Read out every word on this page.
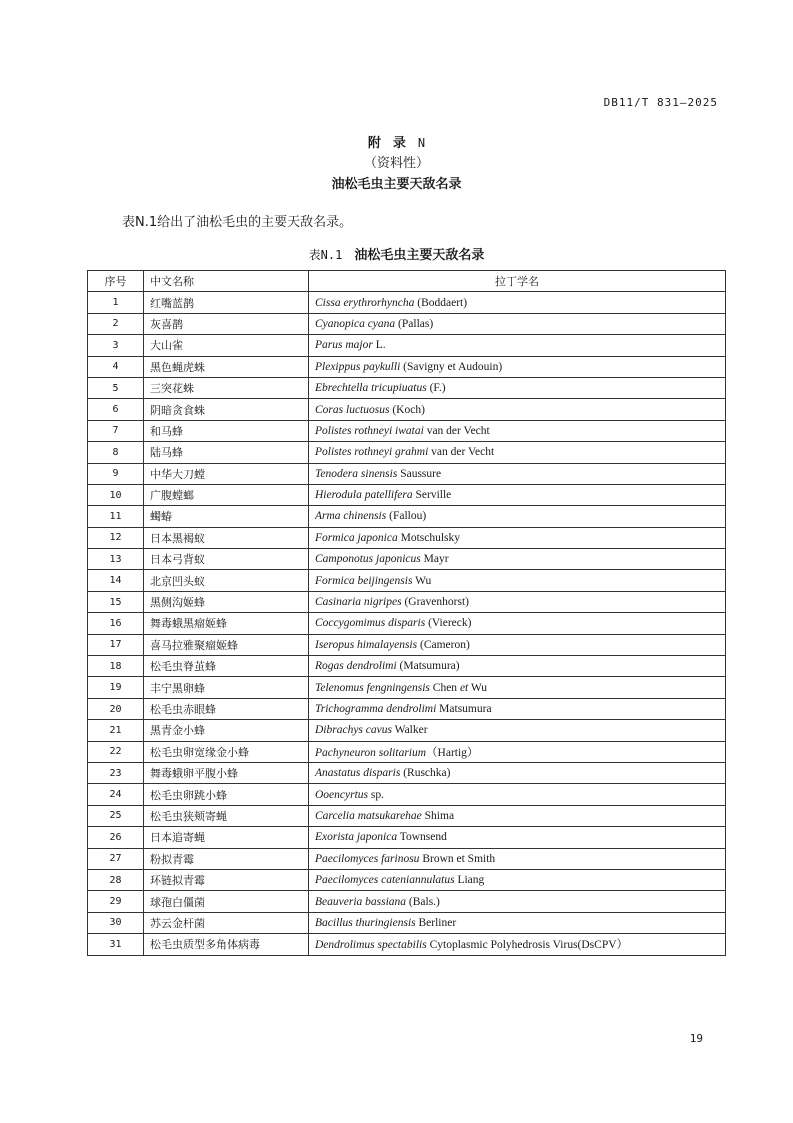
DB11/T 831—2025
附录N
（资料性）
油松毛虫主要天敌名录
表N.1给出了油松毛虫的主要天敌名录。
表N.1 油松毛虫主要天敌名录
序号	中文名称	拉丁学名
1	红嘴蓝鹊	Cissa erythrorhyncha (Boddaert)
2	灰喜鹊	Cyanopica cyana (Pallas)
3	大山雀	Parus major L.
4	黑色蝇虎蛛	Plexippus paykulli (Savigny et Audouin)
5	三突花蛛	Ebrechtella tricupiuatus (F.)
6	阴暗贪食蛛	Coras luctuosus (Koch)
7	和马蜂	Polistes rothneyi iwatai van der Vecht
8	陆马蜂	Polistes rothneyi grahmi van der Vecht
9	中华大刀螳	Tenodera sinensis Saussure
10	广腹螳螂	Hierodula patellifera Serville
11	蠋蝽	Arma chinensis (Fallou)
12	日本黑褐蚁	Formica japonica Motschulsky
13	日本弓背蚁	Camponotus japonicus Mayr
14	北京凹头蚁	Formica beijingensis Wu
15	黑侧沟姬蜂	Casinaria nigripes (Gravenhorst)
16	舞毒蛾黑瘤姬蜂	Coccygomimus disparis (Viereck)
17	喜马拉雅聚瘤姬蜂	Iseropus himalayensis (Cameron)
18	松毛虫脊茧蜂	Rogas dendrolimi (Matsumura)
19	丰宁黑卵蜂	Telenomus fengningensis Chen et Wu
20	松毛虫赤眼蜂	Trichogramma dendrolimi Matsumura
21	黑青金小蜂	Dibrachys cavus Walker
22	松毛虫卵宽缘金小蜂	Pachyneuron solitarium（Hartig）
23	舞毒蛾卵平腹小蜂	Anastatus disparis (Ruschka)
24	松毛虫卵跳小蜂	Ooencyrtus sp.
25	松毛虫狭颊寄蝇	Carcelia matsukarehae Shima
26	日本追寄蝇	Exorista japonica Townsend
27	粉拟青霉	Paecilomyces farinosu Brown et Smith
28	环链拟青霉	Paecilomyces cateniannulatus Liang
29	球孢白僵菌	Beauveria bassiana (Bals.)
30	苏云金杆菌	Bacillus thuringiensis Berliner
31	松毛虫质型多角体病毒	Dendrolimus spectabilis Cytoplasmic Polyhedrosis Virus(DsCPV）
19
